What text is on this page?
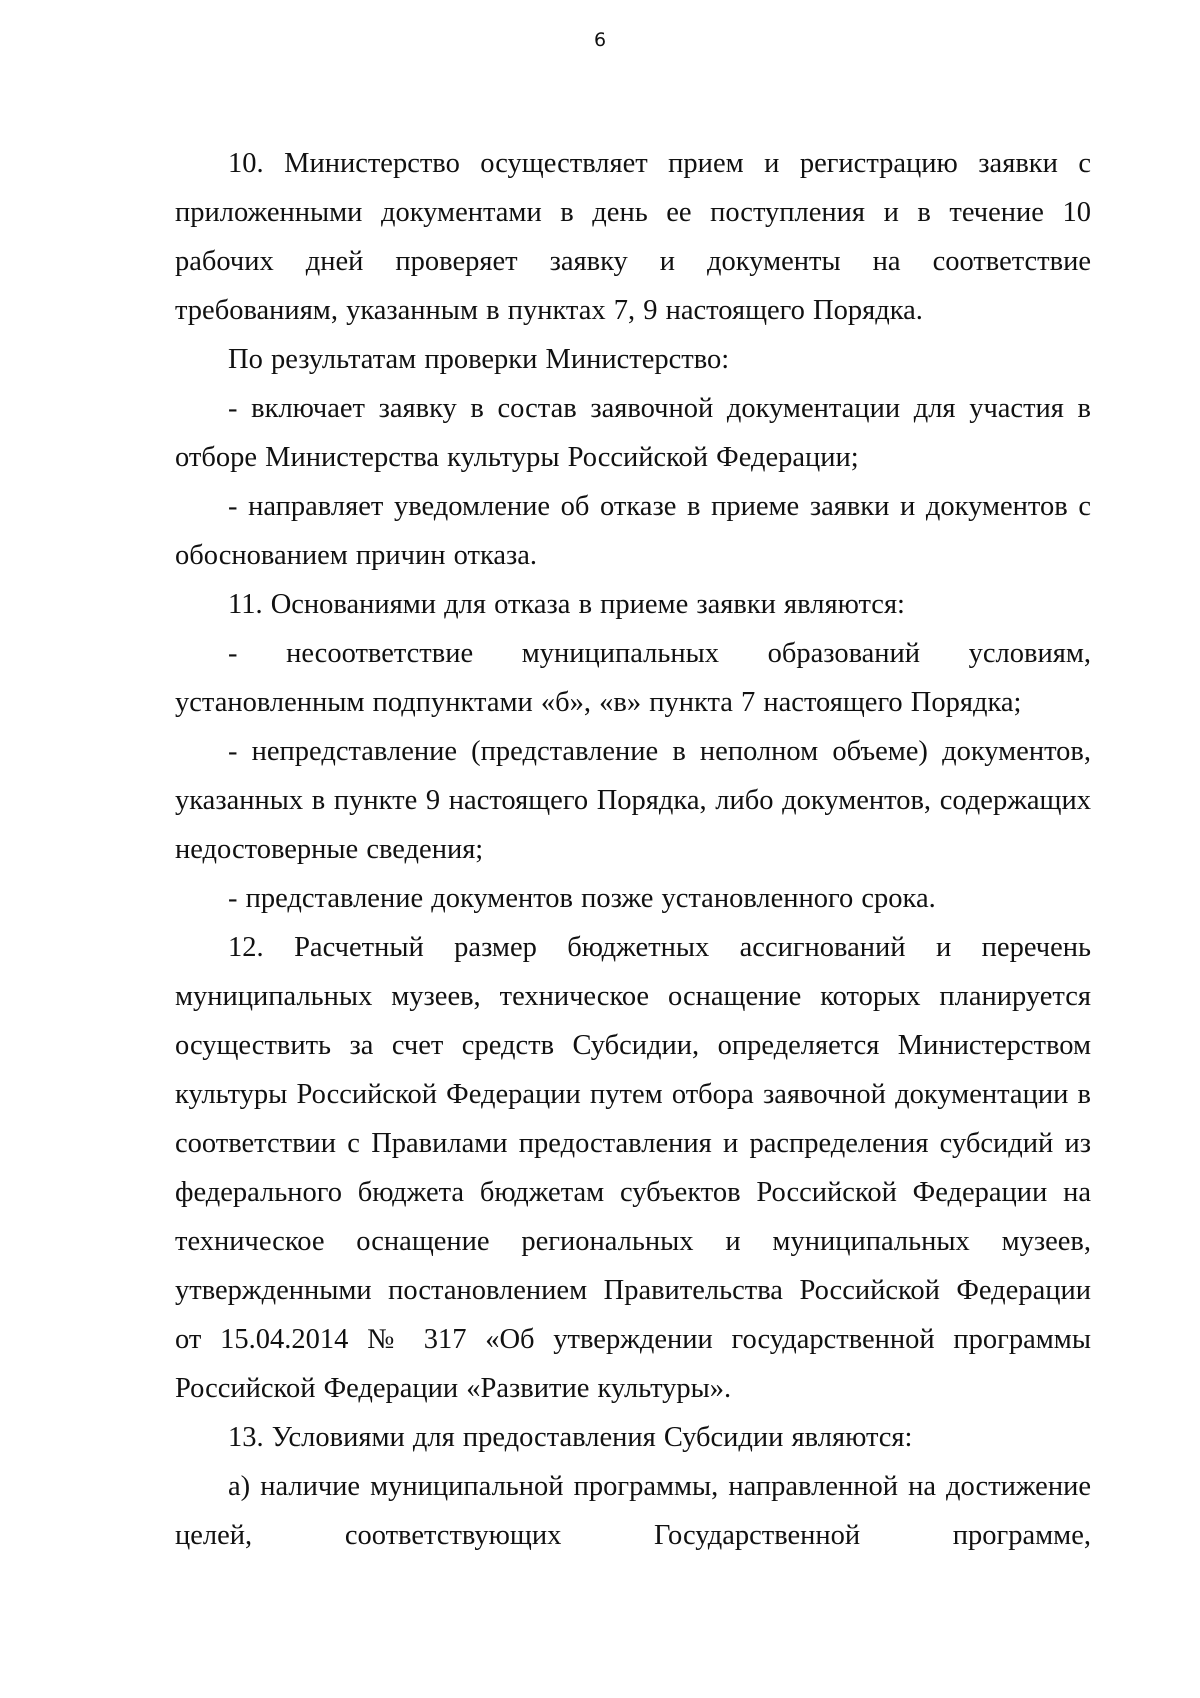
6

10. Министерство осуществляет прием и регистрацию заявки с приложенными документами в день ее поступления и в течение 10 рабочих дней проверяет заявку и документы на соответствие требованиям, указанным в пунктах 7, 9 настоящего Порядка.

По результатам проверки Министерство:

- включает заявку в состав заявочной документации для участия в отборе Министерства культуры Российской Федерации;

- направляет уведомление об отказе в приеме заявки и документов с обоснованием причин отказа.

11. Основаниями для отказа в приеме заявки являются:

- несоответствие муниципальных образований условиям, установленным подпунктами «б», «в» пункта 7 настоящего Порядка;

- непредставление (представление в неполном объеме) документов, указанных в пункте 9 настоящего Порядка, либо документов, содержащих недостоверные сведения;

- представление документов позже установленного срока.

12. Расчетный размер бюджетных ассигнований и перечень муниципальных музеев, техническое оснащение которых планируется осуществить за счет средств Субсидии, определяется Министерством культуры Российской Федерации путем отбора заявочной документации в соответствии с Правилами предоставления и распределения субсидий из федерального бюджета бюджетам субъектов Российской Федерации на техническое оснащение региональных и муниципальных музеев, утвержденными постановлением Правительства Российской Федерации от 15.04.2014 № 317 «Об утверждении государственной программы Российской Федерации «Развитие культуры».

13. Условиями для предоставления Субсидии являются:

а) наличие муниципальной программы, направленной на достижение целей, соответствующих Государственной программе,
